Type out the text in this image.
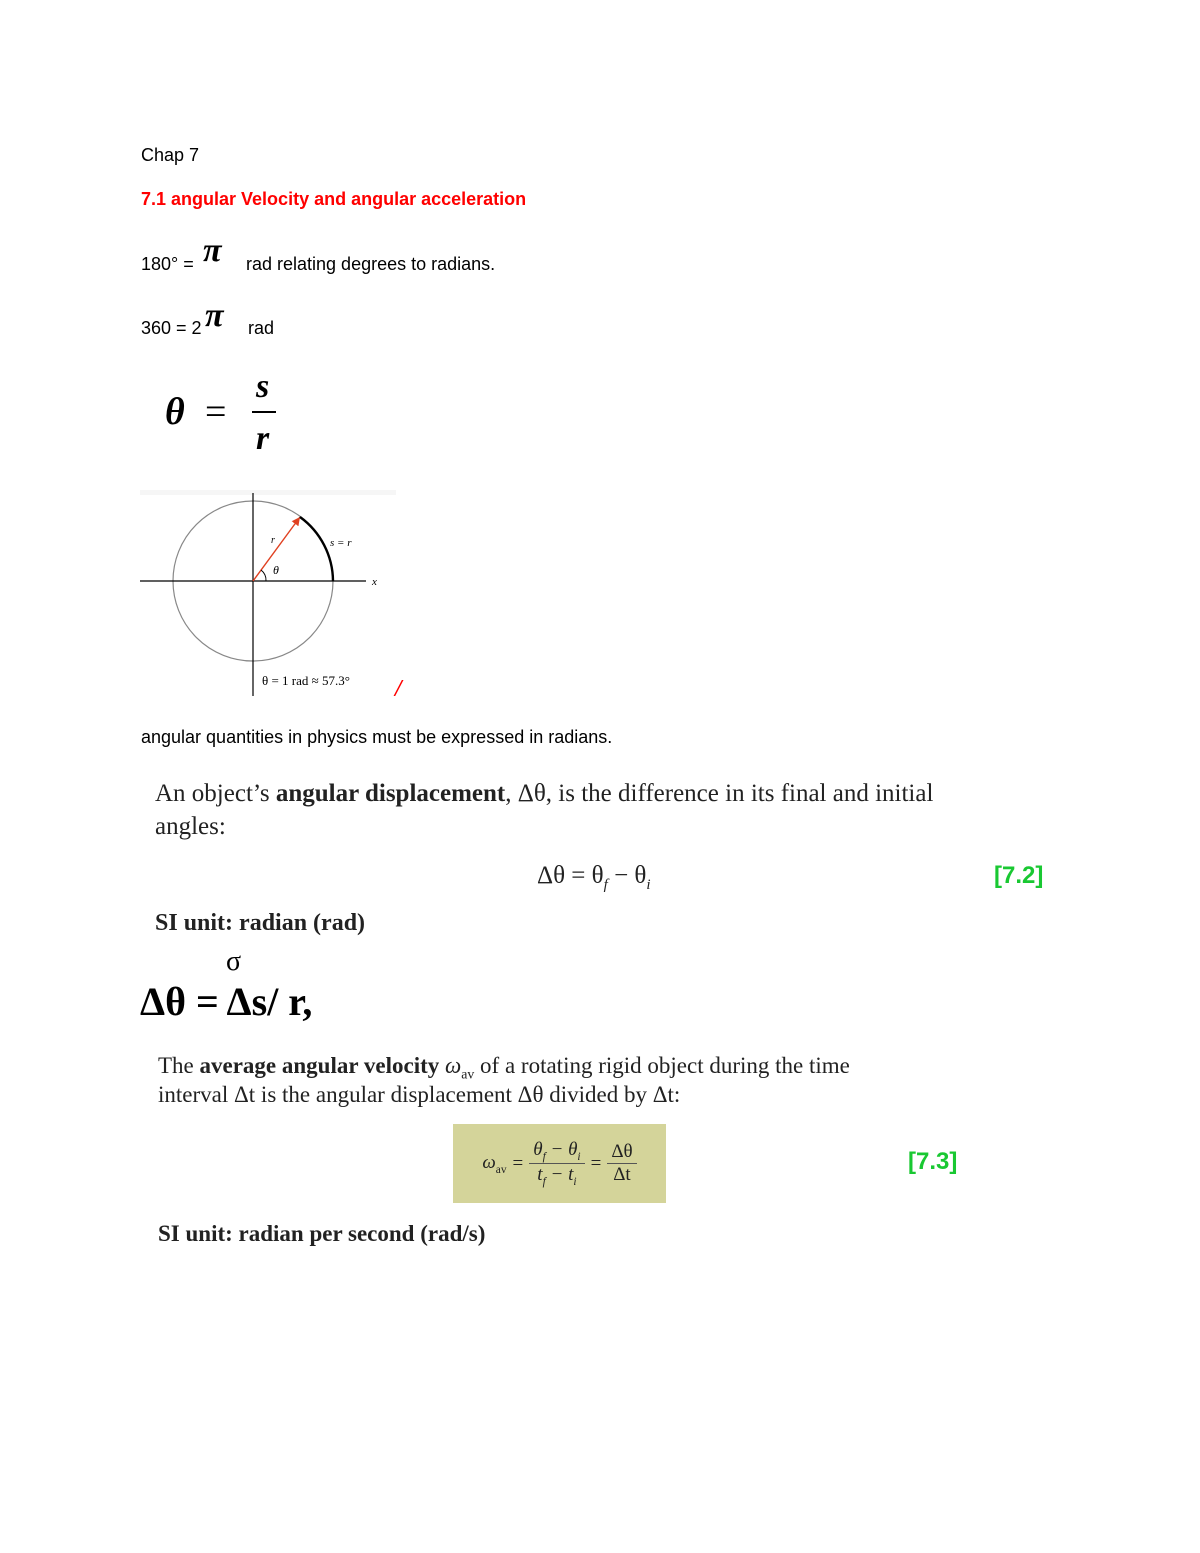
Chap 7
7.1 angular Velocity and angular acceleration
180° = π rad relating degrees to radians.
360 = 2 π rad
θ =
s
r
r	s = r
θ
x
θ = 1 rad ≈ 57.3° /
angular quantities in physics must be expressed in radians.
An object’s angular displacement, Δθ, is the difference in its final and initial
angles:
$\Delta\theta = \theta_f - \theta_i$	[7.2]
SI unit: radian (rad)
σ
Δθ = Δs/ r,
The average angular velocity $\omega_{av}$ of a rotating rigid object during the time
interval Δt is the angular displacement Δθ divided by Δt:
$\omega_{av} = \frac{\theta_f - \theta_i}{t_f - t_i} = \frac{\Delta\theta}{\Delta t}$	[7.3]
SI unit: radian per second (rad/s)
